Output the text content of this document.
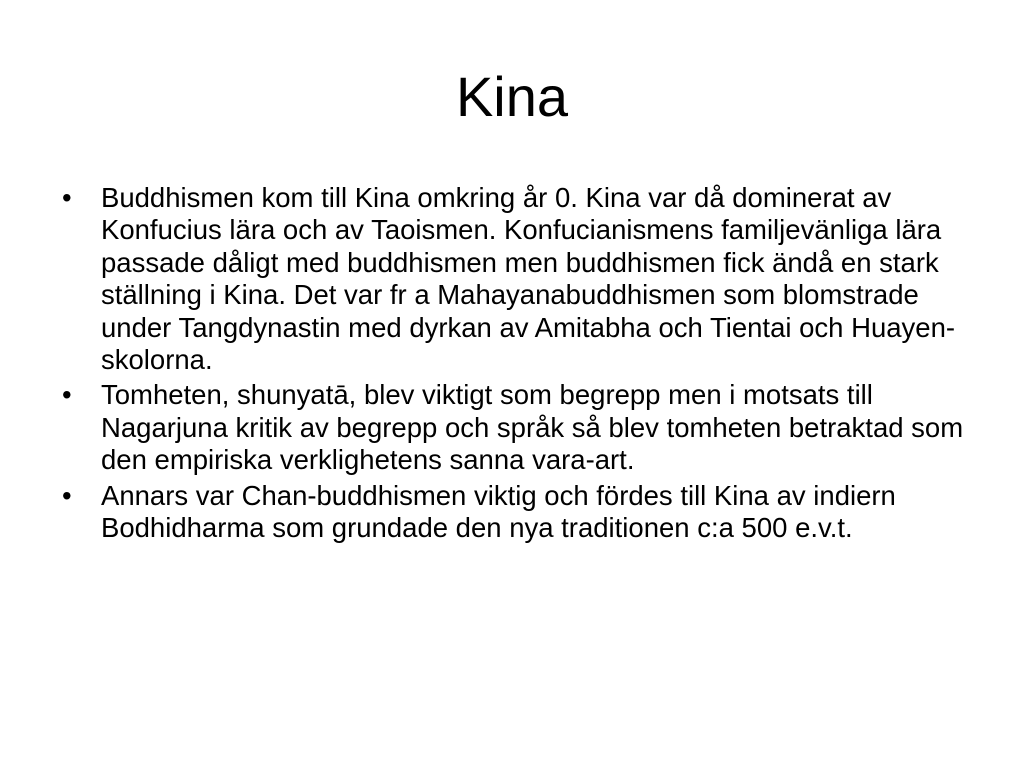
Kina
• Buddhismen kom till Kina omkring år 0. Kina var då dominerat av Konfucius lära och av Taoismen. Konfucianismens familjevänliga lära passade dåligt med buddhismen men buddhismen fick ändå en stark ställning i Kina. Det var fr a Mahayanabuddhismen som blomstrade under Tangdynastin med dyrkan av Amitabha och Tientai och Huayen-skolorna.
• Tomheten, shunyatā, blev viktigt som begrepp men i motsats till Nagarjuna kritik av begrepp och språk så blev tomheten betraktad som den empiriska verklighetens sanna vara-art.
• Annars var Chan-buddhismen viktig och fördes till Kina av indiern Bodhidharma som grundade den nya traditionen c:a 500 e.v.t.
